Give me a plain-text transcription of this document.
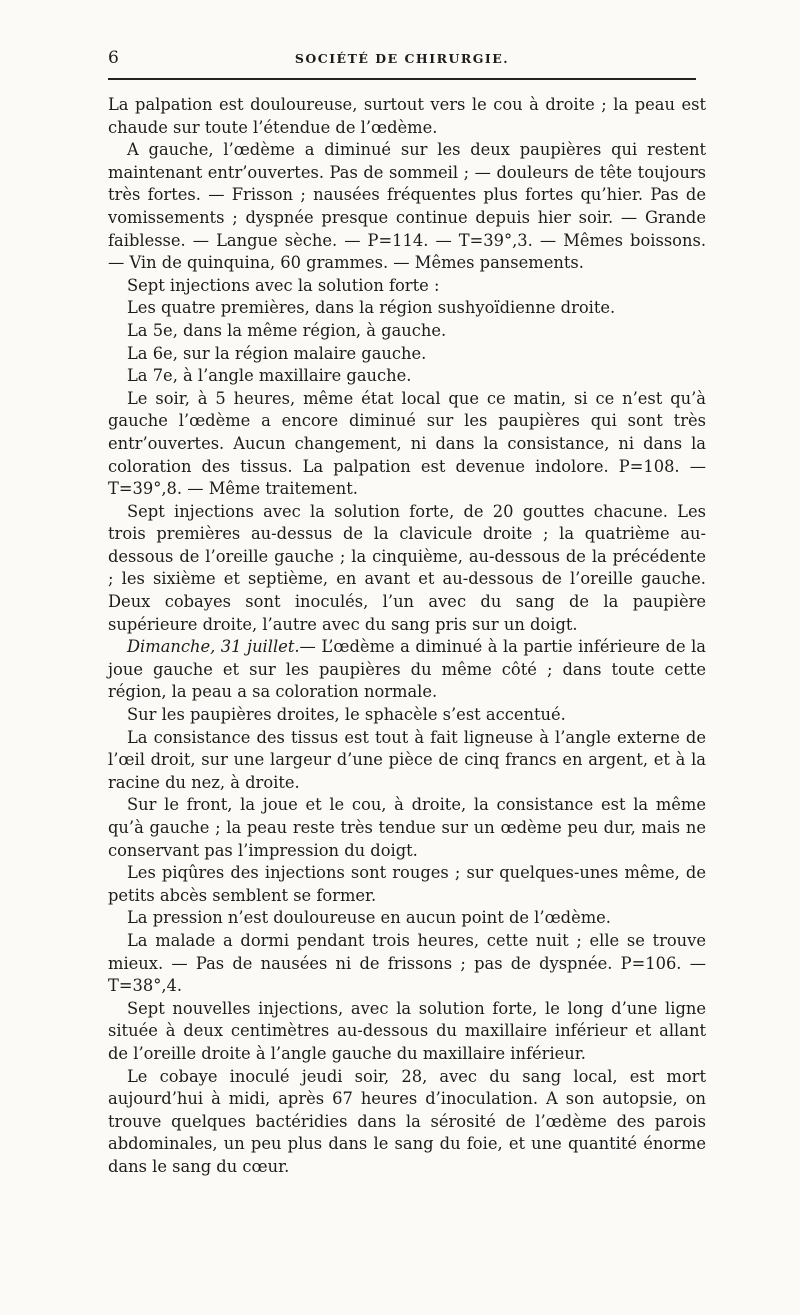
6	SOCIÉTÉ DE CHIRURGIE.

La palpation est douloureuse, surtout vers le cou à droite ; la peau est chaude sur toute l’étendue de l’œdème.

A gauche, l’œdème a diminué sur les deux paupières qui restent maintenant entr’ouvertes. Pas de sommeil ; — douleurs de tête toujours très fortes. — Frisson ; nausées fréquentes plus fortes qu’hier. Pas de vomissements ; dyspnée presque continue depuis hier soir. — Grande faiblesse. — Langue sèche. — P=114. — T=39°,3. — Mêmes boissons. — Vin de quinquina, 60 grammes. — Mêmes pansements.

Sept injections avec la solution forte :

Les quatre premières, dans la région sushyoïdienne droite.

La 5e, dans la même région, à gauche.

La 6e, sur la région malaire gauche.

La 7e, à l’angle maxillaire gauche.

Le soir, à 5 heures, même état local que ce matin, si ce n’est qu’à gauche l’œdème a encore diminué sur les paupières qui sont très entr’ouvertes. Aucun changement, ni dans la consistance, ni dans la coloration des tissus. La palpation est devenue indolore. P=108. — T=39°,8. — Même traitement.

Sept injections avec la solution forte, de 20 gouttes chacune. Les trois premières au-dessus de la clavicule droite ; la quatrième au-dessous de l’oreille gauche ; la cinquième, au-dessous de la précédente ; les sixième et septième, en avant et au-dessous de l’oreille gauche. Deux cobayes sont inoculés, l’un avec du sang de la paupière supérieure droite, l’autre avec du sang pris sur un doigt.

Dimanche, 31 juillet.— L’œdème a diminué à la partie inférieure de la joue gauche et sur les paupières du même côté ; dans toute cette région, la peau a sa coloration normale.

Sur les paupières droites, le sphacèle s’est accentué.

La consistance des tissus est tout à fait ligneuse à l’angle externe de l’œil droit, sur une largeur d’une pièce de cinq francs en argent, et à la racine du nez, à droite.

Sur le front, la joue et le cou, à droite, la consistance est la même qu’à gauche ; la peau reste très tendue sur un œdème peu dur, mais ne conservant pas l’impression du doigt.

Les piqûres des injections sont rouges ; sur quelques-unes même, de petits abcès semblent se former.

La pression n’est douloureuse en aucun point de l’œdème.

La malade a dormi pendant trois heures, cette nuit ; elle se trouve mieux. — Pas de nausées ni de frissons ; pas de dyspnée. P=106. — T=38°,4.

Sept nouvelles injections, avec la solution forte, le long d’une ligne située à deux centimètres au-dessous du maxillaire inférieur et allant de l’oreille droite à l’angle gauche du maxillaire inférieur.

Le cobaye inoculé jeudi soir, 28, avec du sang local, est mort aujourd’hui à midi, après 67 heures d’inoculation. A son autopsie, on trouve quelques bactéridies dans la sérosité de l’œdème des parois abdominales, un peu plus dans le sang du foie, et une quantité énorme dans le sang du cœur.
